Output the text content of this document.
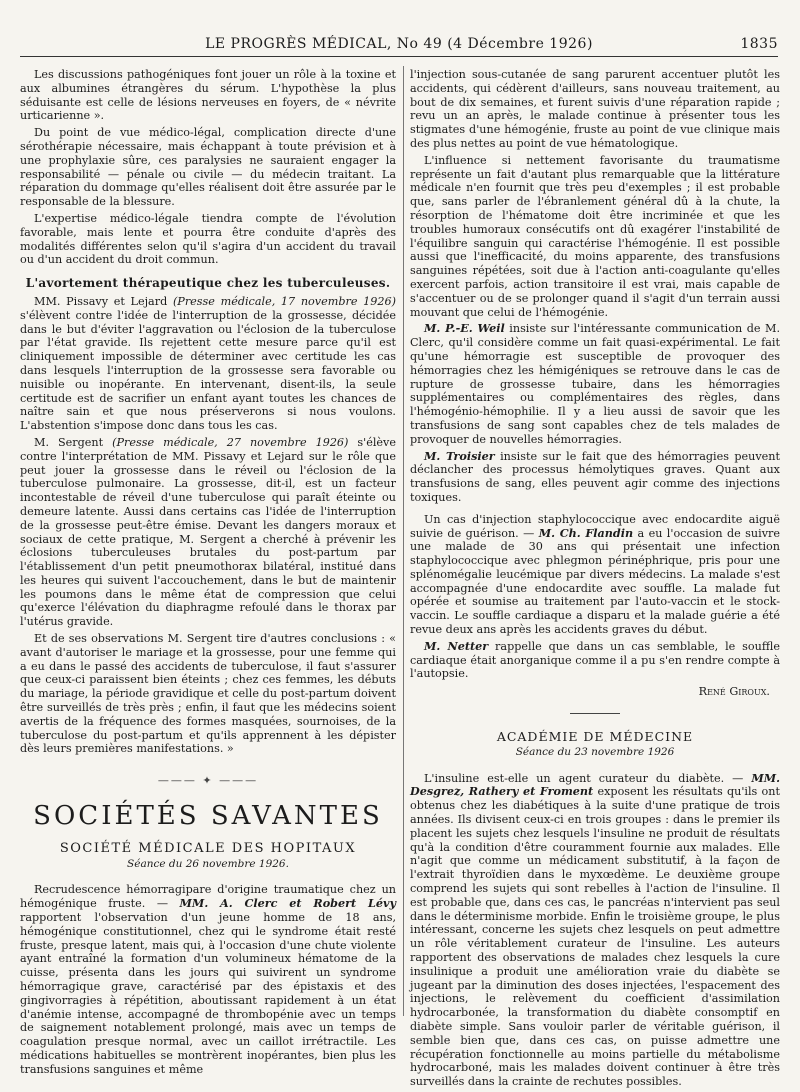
LE PROGRÈS MÉDICAL, No 49 (4 Décembre 1926)	1835

Les discussions pathogéniques font jouer un rôle à la toxine et aux albumines étrangères du sérum. L'hypothèse la plus séduisante est celle de lésions nerveuses en foyers, de « névrite urticarienne ».

Du point de vue médico-légal, complication directe d'une sérothérapie nécessaire, mais échappant à toute prévision et à une prophylaxie sûre, ces paralysies ne sauraient engager la responsabilité — pénale ou civile — du médecin traitant. La réparation du dommage qu'elles réalisent doit être assurée par le responsable de la blessure.

L'expertise médico-légale tiendra compte de l'évolution favorable, mais lente et pourra être conduite d'après des modalités différentes selon qu'il s'agira d'un accident du travail ou d'un accident du droit commun.

L'avortement thérapeutique chez les tuberculeuses.

MM. Pissavy et Lejard (Presse médicale, 17 novembre 1926) s'élèvent contre l'idée de l'interruption de la grossesse, décidée dans le but d'éviter l'aggravation ou l'éclosion de la tuberculose par l'état gravide. Ils rejettent cette mesure parce qu'il est cliniquement impossible de déterminer avec certitude les cas dans lesquels l'interruption de la grossesse sera favorable ou nuisible ou inopérante. En intervenant, disent-ils, la seule certitude est de sacrifier un enfant ayant toutes les chances de naître sain et que nous préserverons si nous voulons. L'abstention s'impose donc dans tous les cas.

M. Sergent (Presse médicale, 27 novembre 1926) s'élève contre l'interprétation de MM. Pissavy et Lejard sur le rôle que peut jouer la grossesse dans le réveil ou l'éclosion de la tuberculose pulmonaire. La grossesse, dit-il, est un facteur incontestable de réveil d'une tuberculose qui paraît éteinte ou demeure latente. Aussi dans certains cas l'idée de l'interruption de la grossesse peut-être émise. Devant les dangers moraux et sociaux de cette pratique, M. Sergent a cherché à prévenir les éclosions tuberculeuses brutales du post-partum par l'établissement d'un petit pneumothorax bilatéral, institué dans les heures qui suivent l'accouchement, dans le but de maintenir les poumons dans le même état de compression que celui qu'exerce l'élévation du diaphragme refoulé dans le thorax par l'utérus gravide.

Et de ses observations M. Sergent tire d'autres conclusions : « avant d'autoriser le mariage et la grossesse, pour une femme qui a eu dans le passé des accidents de tuberculose, il faut s'assurer que ceux-ci paraissent bien éteints ; chez ces femmes, les débuts du mariage, la période gravidique et celle du post-partum doivent être surveillés de très près ; enfin, il faut que les médecins soient avertis de la fréquence des formes masquées, sournoises, de la tuberculose du post-partum et qu'ils apprennent à les dépister dès leurs premières manifestations. »

——— ✦ ———
SOCIÉTÉS SAVANTES
SOCIÉTÉ MÉDICALE DES HOPITAUX
Séance du 26 novembre 1926.

Recrudescence hémorragipare d'origine traumatique chez un hémogénique fruste. — MM. A. Clerc et Robert Lévy rapportent l'observation d'un jeune homme de 18 ans, hémogénique constitutionnel, chez qui le syndrome était resté fruste, presque latent, mais qui, à l'occasion d'une chute violente ayant entraîné la formation d'un volumineux hématome de la cuisse, présenta dans les jours qui suivirent un syndrome hémorragique grave, caractérisé par des épistaxis et des gingivorragies à répétition, aboutissant rapidement à un état d'anémie intense, accompagné de thrombopénie avec un temps de saignement notablement prolongé, mais avec un temps de coagulation presque normal, avec un caillot irrétractile. Les médications habituelles se montrèrent inopérantes, bien plus les transfusions sanguines et même

l'injection sous-cutanée de sang parurent accentuer plutôt les accidents, qui cédèrent d'ailleurs, sans nouveau traitement, au bout de dix semaines, et furent suivis d'une réparation rapide ; revu un an après, le malade continue à présenter tous les stigmates d'une hémogénie, fruste au point de vue clinique mais des plus nettes au point de vue hématologique.

L'influence si nettement favorisante du traumatisme représente un fait d'autant plus remarquable que la littérature médicale n'en fournit que très peu d'exemples ; il est probable que, sans parler de l'ébranlement général dû à la chute, la résorption de l'hématome doit être incriminée et que les troubles humoraux consécutifs ont dû exagérer l'instabilité de l'équilibre sanguin qui caractérise l'hémogénie. Il est possible aussi que l'inefficacité, du moins apparente, des transfusions sanguines répétées, soit due à l'action anti-coagulante qu'elles exercent parfois, action transitoire il est vrai, mais capable de s'accentuer ou de se prolonger quand il s'agit d'un terrain aussi mouvant que celui de l'hémogénie.

M. P.-E. Weil insiste sur l'intéressante communication de M. Clerc, qu'il considère comme un fait quasi-expérimental. Le fait qu'une hémorragie est susceptible de provoquer des hémorragies chez les hémigéniques se retrouve dans le cas de rupture de grossesse tubaire, dans les hémorragies supplémentaires ou complémentaires des règles, dans l'hémogénio-hémophilie. Il y a lieu aussi de savoir que les transfusions de sang sont capables chez de tels malades de provoquer de nouvelles hémorragies.

M. Troisier insiste sur le fait que des hémorragies peuvent déclancher des processus hémolytiques graves. Quant aux transfusions de sang, elles peuvent agir comme des injections toxiques.

Un cas d'injection staphylococcique avec endocardite aiguë suivie de guérison. — M. Ch. Flandin a eu l'occasion de suivre une malade de 30 ans qui présentait une infection staphylococcique avec phlegmon périnéphrique, pris pour une splénomégalie leucémique par divers médecins. La malade s'est accompagnée d'une endocardite avec souffle. La malade fut opérée et soumise au traitement par l'auto-vaccin et le stock-vaccin. Le souffle cardiaque a disparu et la malade guérie a été revue deux ans après les accidents graves du début.

M. Netter rappelle que dans un cas semblable, le souffle cardiaque était anorganique comme il a pu s'en rendre compte à l'autopsie.

René Giroux.
ACADÉMIE DE MÉDECINE
Séance du 23 novembre 1926

L'insuline est-elle un agent curateur du diabète. — MM. Desgrez, Rathery et Froment exposent les résultats qu'ils ont obtenus chez les diabétiques à la suite d'une pratique de trois années. Ils divisent ceux-ci en trois groupes : dans le premier ils placent les sujets chez lesquels l'insuline ne produit de résultats qu'à la condition d'être couramment fournie aux malades. Elle n'agit que comme un médicament substitutif, à la façon de l'extrait thyroïdien dans le myxœdème. Le deuxième groupe comprend les sujets qui sont rebelles à l'action de l'insuline. Il est probable que, dans ces cas, le pancréas n'intervient pas seul dans le déterminisme morbide. Enfin le troisième groupe, le plus intéressant, concerne les sujets chez lesquels on peut admettre un rôle véritablement curateur de l'insuline. Les auteurs rapportent des observations de malades chez lesquels la cure insulinique a produit une amélioration vraie du diabète se jugeant par la diminution des doses injectées, l'espacement des injections, le relèvement du coefficient d'assimilation hydrocarbonée, la transformation du diabète consomptif en diabète simple. Sans vouloir parler de véritable guérison, il semble bien que, dans ces cas, on puisse admettre une récupération fonctionnelle au moins partielle du métabolisme hydrocarboné, mais les malades doivent continuer à être très surveillés dans la crainte de rechutes possibles.
